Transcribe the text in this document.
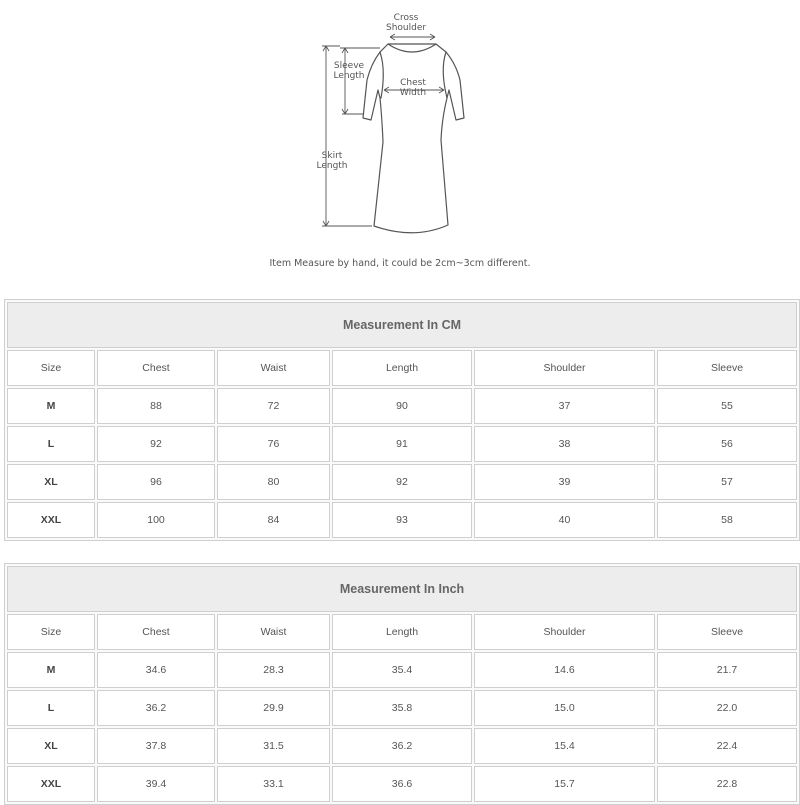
Cross
Shoulder
Sleeve
Length
Chest
Width
Skirt
Length
Item Measure by hand, it could be 2cm~3cm different.
Measurement In CM					
Size	Chest	Waist	Length	Shoulder	Sleeve
M	88	72	90	37	55
L	92	76	91	38	56
XL	96	80	92	39	57
XXL	100	84	93	40	58
Measurement In Inch					
Size	Chest	Waist	Length	Shoulder	Sleeve
M	34.6	28.3	35.4	14.6	21.7
L	36.2	29.9	35.8	15.0	22.0
XL	37.8	31.5	36.2	15.4	22.4
XXL	39.4	33.1	36.6	15.7	22.8
